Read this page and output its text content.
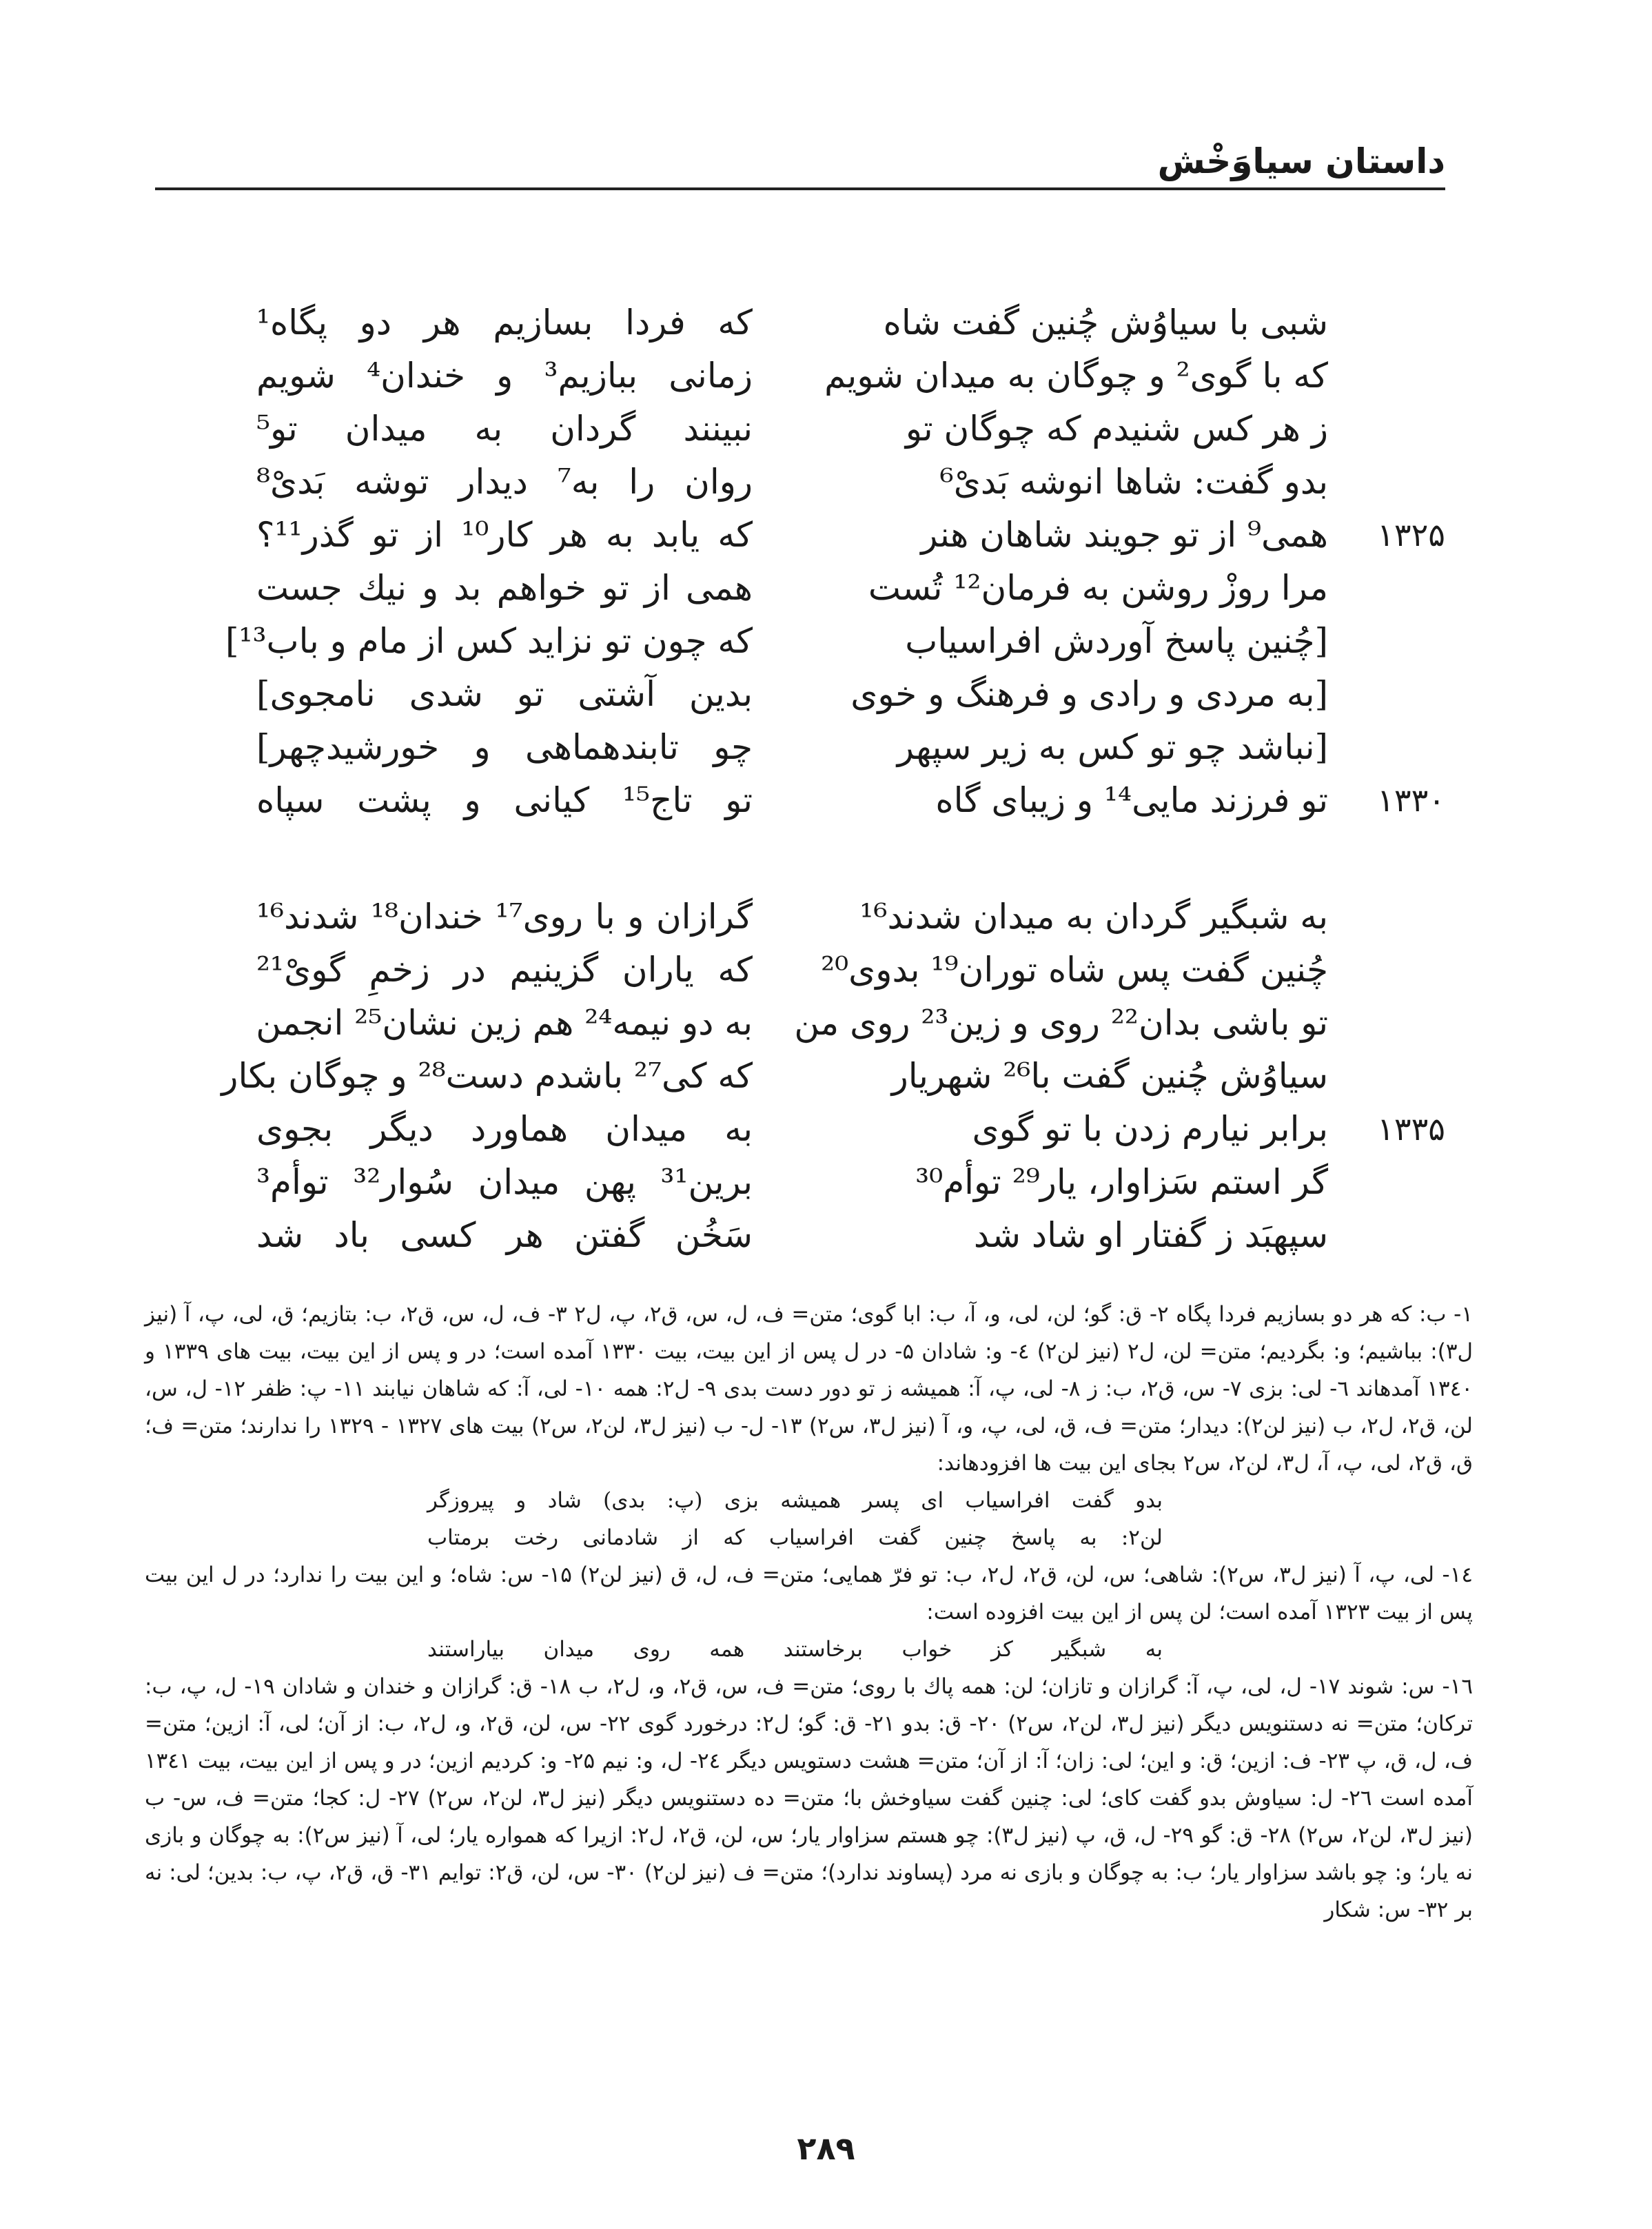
داستان سیاوَخْش
شبی با سیاوُش چُنین گفت شاه
که فردا بسازیم هر دو پگاه¹
که با گوی² و چوگان به میدان شویم
زمانی ببازیم³ و خندان⁴ شویم
ز هر کس شنیدم که چوگان تو
نبینند گردان به میدان تو⁵
بدو گفت: شاها انوشه بَدیْ⁶
روان را به⁷ دیدار توشه بَدیْ⁸
۱۳۲۵
همی⁹ از تو جویند شاهان هنر
که یابد به هر کار¹⁰ از تو گذر¹¹؟
مرا روزْ روشن به فرمان¹² تُست
همی از تو خواهم بد و نیك جست
[چُنین پاسخ آوردش افراسیاب
که چون تو نزاید کس از مام و باب¹³]
[به مردی و رادی و فرهنگ و خوی
بدین آشتی تو شدی نامجوی]
[نباشد چو تو کس به زیر سپهر
چو تابندهماهی و خورشیدچهر]
۱۳۳۰
تو فرزند مایی¹⁴ و زیبای گاه
تو تاج¹⁵ کیانی و پشت سپاه
به شبگیر گردان به میدان شدند¹⁶
گرازان و با روی¹⁷ خندان¹⁸ شدند¹⁶
چُنین گفت پس شاه توران¹⁹ بدوی²⁰
که یاران گزینیم در زخمِ گویْ²¹
تو باشی بدان²² روی و زین²³ روی من
به دو نیمه²⁴ هم زین نشان²⁵ انجمن
سیاوُش چُنین گفت با²⁶ شهریار
که کی²⁷ باشدم دست²⁸ و چوگان بکار
۱۳۳۵
برابر نیارم زدن با تو گوی
به میدان هماورد دیگر بجوی
گر استم سَزاوار، یار²⁹ توأم³⁰
برین³¹ پهن میدان سُوار³² توأم³
سپهبَد ز گفتار او شاد شد
سَخُن گفتن هر کسی باد شد

۱- ب: که هر دو بسازیم فردا پگاه ۲- ق: گو؛ لن، لی، و، آ، ب: ابا گوی؛ متن= ف، ل، س، ق۲، پ، ل۲ ۳- ف، ل، س، ق۲، ب: بتازیم؛ ق، لی، پ، آ (نیز ل۳): بباشیم؛ و: بگردیم؛ متن= لن، ل۲ (نیز لن۲) ٤- و: شادان ۵- در ل پس از این بیت، بیت ۱۳۳۰ آمده است؛ در و پس از این بیت، بیت های ۱۳۳۹ و ۱۳٤۰ آمدهاند ٦- لی: بزی ۷- س، ق۲، ب: ز ۸- لی، پ، آ: همیشه ز تو دور دست بدی ۹- ل۲: همه ۱۰- لی، آ: که شاهان نیابند ۱۱- پ: ظفر ۱۲- ل، س، لن، ق۲، ل۲، ب (نیز لن۲): دیدار؛ متن= ف، ق، لی، پ، و، آ (نیز ل۳، س۲) ۱۳- ل- ب (نیز ل۳، لن۲، س۲) بیت های ۱۳۲۷ - ۱۳۲۹ را ندارند؛ متن= ف؛ ق، ق۲، لی، پ، آ، ل۳، لن۲، س۲ بجای این بیت ها افزودهاند:

بدو گفت افراسیاب ای پسر همیشه بزی (پ: بدی) شاد و پیروزگر

لن۲: به پاسخ چنین گفت افراسیاب که از شادمانی رخت برمتاب

۱٤- لی، پ، آ (نیز ل۳، س۲): شاهی؛ س، لن، ق۲، ل۲، ب: تو فرّ همایی؛ متن= ف، ل، ق (نیز لن۲) ۱۵- س: شاه؛ و این بیت را ندارد؛ در ل این بیت پس از بیت ۱۳۲۳ آمده است؛ لن پس از این بیت افزوده است:

به شبگیر کز خواب برخاستند همه روی میدان بیاراستند

۱٦- س: شوند ۱۷- ل، لی، پ، آ: گرازان و تازان؛ لن: همه پاك با روی؛ متن= ف، س، ق۲، و، ل۲، ب ۱۸- ق: گرازان و خندان و شادان ۱۹- ل، پ، ب: ترکان؛ متن= نه دستنویس دیگر (نیز ل۳، لن۲، س۲) ۲۰- ق: بدو ۲۱- ق: گو؛ ل۲: درخورد گوی ۲۲- س، لن، ق۲، و، ل۲، ب: از آن؛ لی، آ: ازین؛ متن= ف، ل، ق، پ ۲۳- ف: ازین؛ ق: و این؛ لی: زان؛ آ: از آن؛ متن= هشت دستویس دیگر ۲٤- ل، و: نیم ۲۵- و: کردیم ازین؛ در و پس از این بیت، بیت ۱۳٤۱ آمده است ۲٦- ل: سیاوش بدو گفت کای؛ لی: چنین گفت سیاوخش با؛ متن= ده دستنویس دیگر (نیز ل۳، لن۲، س۲) ۲۷- ل: کجا؛ متن= ف، س- ب (نیز ل۳، لن۲، س۲) ۲۸- ق: گو ۲۹- ل، ق، پ (نیز ل۳): چو هستم سزاوار یار؛ س، لن، ق۲، ل۲: ازیرا که همواره یار؛ لی، آ (نیز س۲): به چوگان و بازی نه یار؛ و: چو باشد سزاوار یار؛ ب: به چوگان و بازی نه مرد (پساوند ندارد)؛ متن= ف (نیز لن۲) ۳۰- س، لن، ق۲: توایم ۳۱- ق، ق۲، پ، ب: بدین؛ لی: نه بر ۳۲- س: شکار

۲۸۹
